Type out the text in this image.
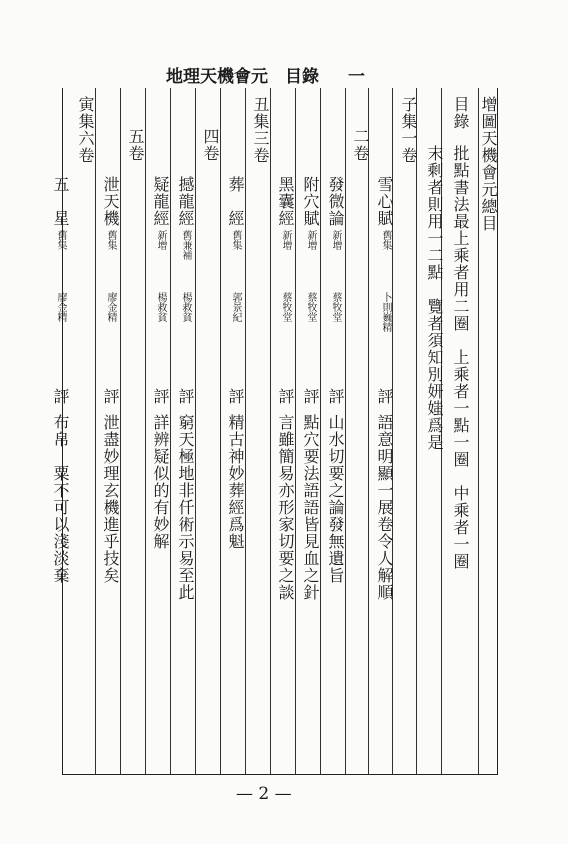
地理天機會元　目錄 一
增圖天機會元總目
目錄
批點書法最上乘者用二圈　上乘者一點一圈　中乘者一圈
末剩者則用一二點　覽者須知別妍媸爲是
子集一卷
雪心賦
舊集
卜則巍精
評
語意明顯一展卷令人解順
二卷
發微論
新增
蔡牧堂
評
山水切要之論發無遺旨
附穴賦
新增
蔡牧堂
評
點穴要法語語皆見血之針
黑囊經
新增
蔡牧堂
評
言雖簡易亦形家切要之談
丑集三卷
葬　經
舊集
郭景紀
評
精古神妙葬經爲魁
四卷
撼龍經
舊兼補
楊救貧
評
窮天極地非仟術示易至此
疑龍經
新增
楊救貧
評
詳辨疑似的有妙解
五卷
泄天機
舊集
廖金精
評
泄盡妙理玄機進乎技矣
寅集六卷
五　星
舊集
廖金精
評
布帛　粟不可以淺淡棄
— 2 —
